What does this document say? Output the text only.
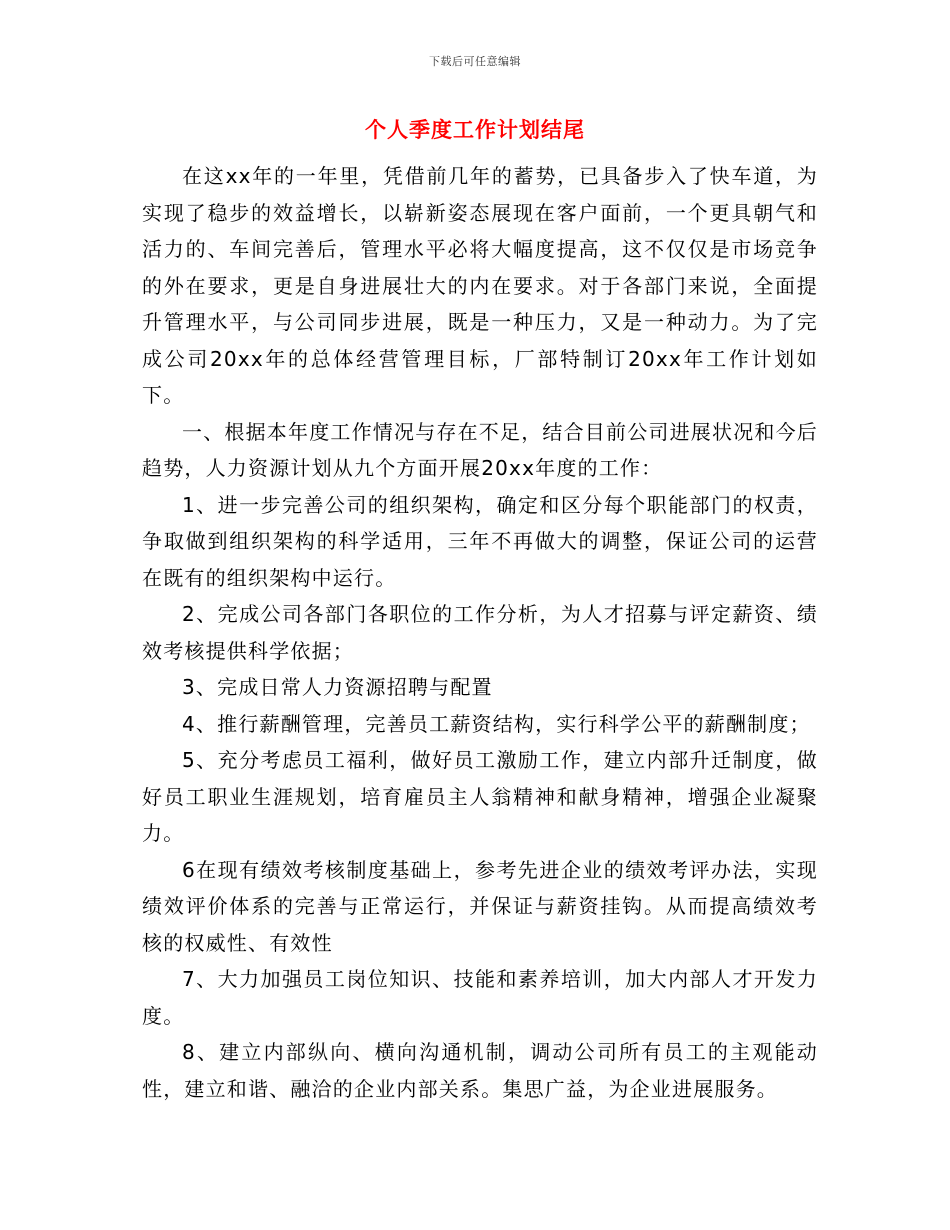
下载后可任意编辑
个人季度工作计划结尾

在这xx年的一年里，凭借前几年的蓄势，已具备步入了快车道，为实现了稳步的效益增长，以崭新姿态展现在客户面前，一个更具朝气和活力的、车间完善后，管理水平必将大幅度提高，这不仅仅是市场竞争的外在要求，更是自身进展壮大的内在要求。对于各部门来说，全面提升管理水平，与公司同步进展，既是一种压力，又是一种动力。为了完成公司20xx年的总体经营管理目标，厂部特制订20xx年工作计划如下。

一、根据本年度工作情况与存在不足，结合目前公司进展状况和今后趋势，人力资源计划从九个方面开展20xx年度的工作：

1、进一步完善公司的组织架构，确定和区分每个职能部门的权责，争取做到组织架构的科学适用，三年不再做大的调整，保证公司的运营在既有的组织架构中运行。

2、完成公司各部门各职位的工作分析，为人才招募与评定薪资、绩效考核提供科学依据；

3、完成日常人力资源招聘与配置

4、推行薪酬管理，完善员工薪资结构，实行科学公平的薪酬制度；

5、充分考虑员工福利，做好员工激励工作，建立内部升迁制度，做好员工职业生涯规划，培育雇员主人翁精神和献身精神，增强企业凝聚力。

6在现有绩效考核制度基础上，参考先进企业的绩效考评办法，实现绩效评价体系的完善与正常运行，并保证与薪资挂钩。从而提高绩效考核的权威性、有效性

7、大力加强员工岗位知识、技能和素养培训，加大内部人才开发力度。

8、建立内部纵向、横向沟通机制，调动公司所有员工的主观能动性，建立和谐、融洽的企业内部关系。集思广益，为企业进展服务。
